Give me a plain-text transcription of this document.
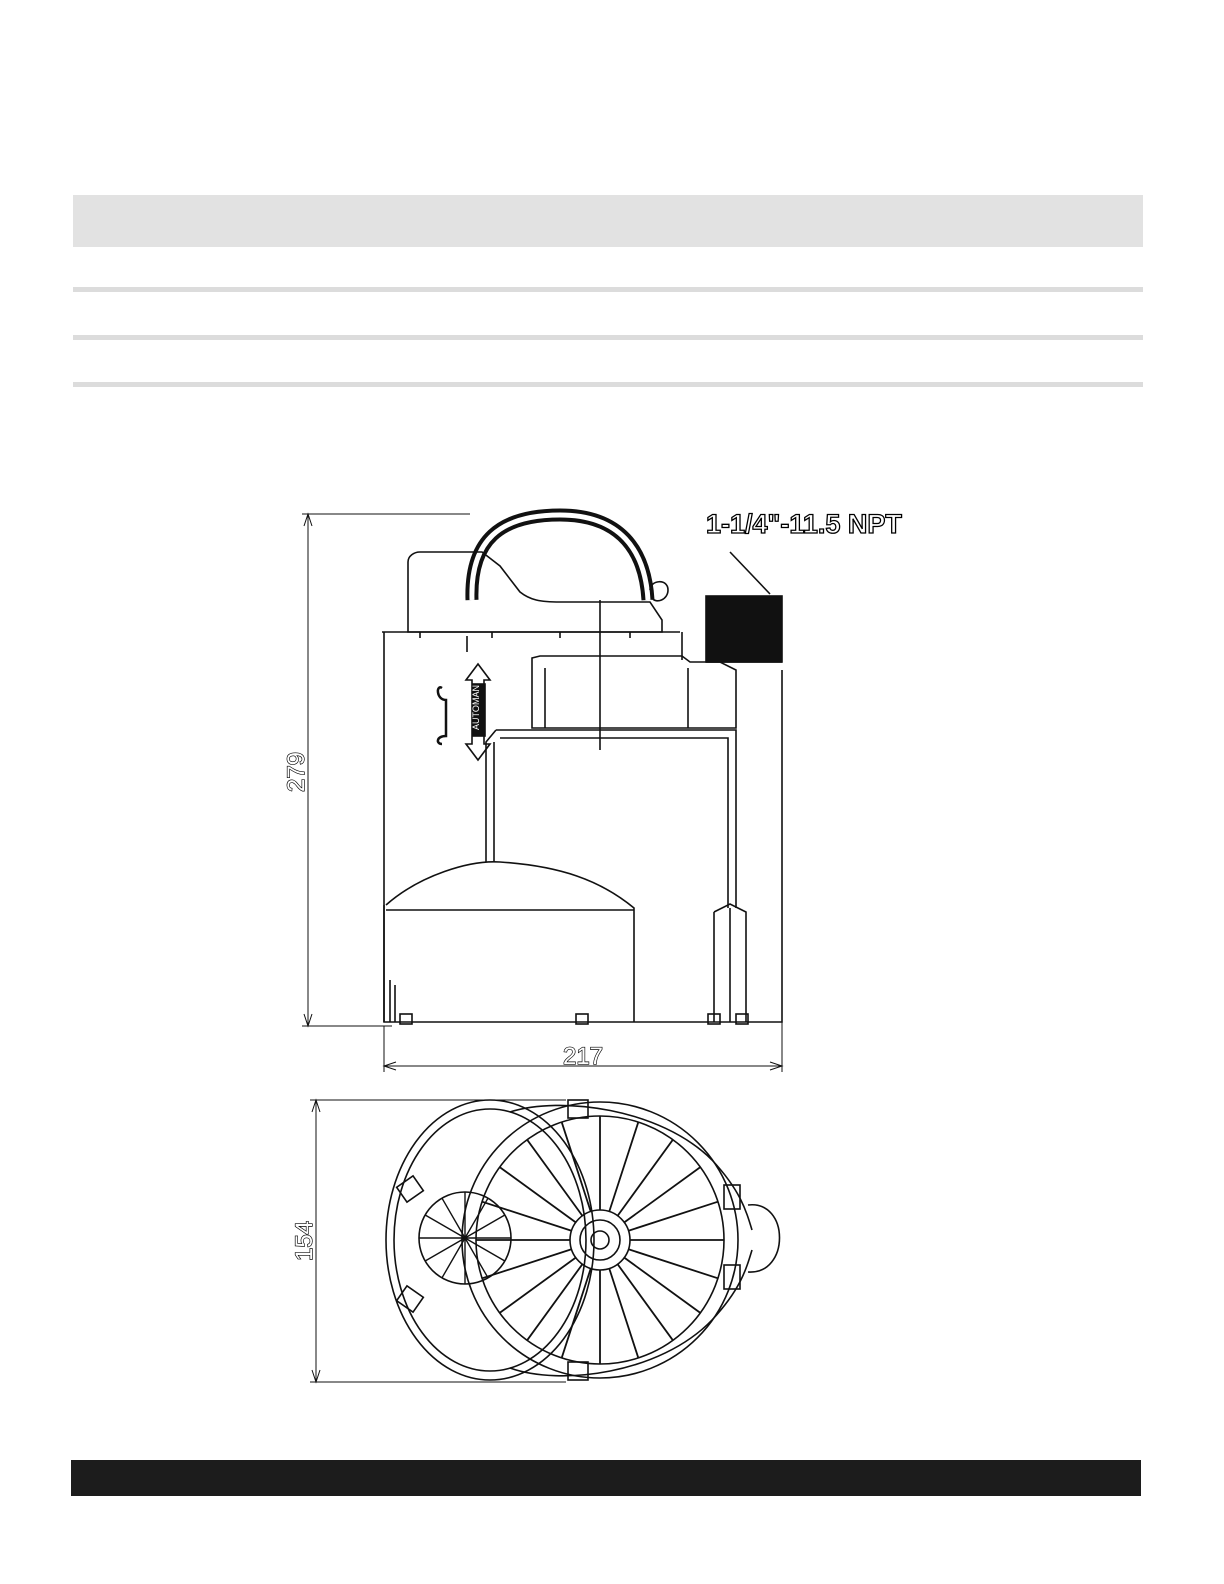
AUTO
MAN
1-1/4"-11.5 NPT
279
217
154
